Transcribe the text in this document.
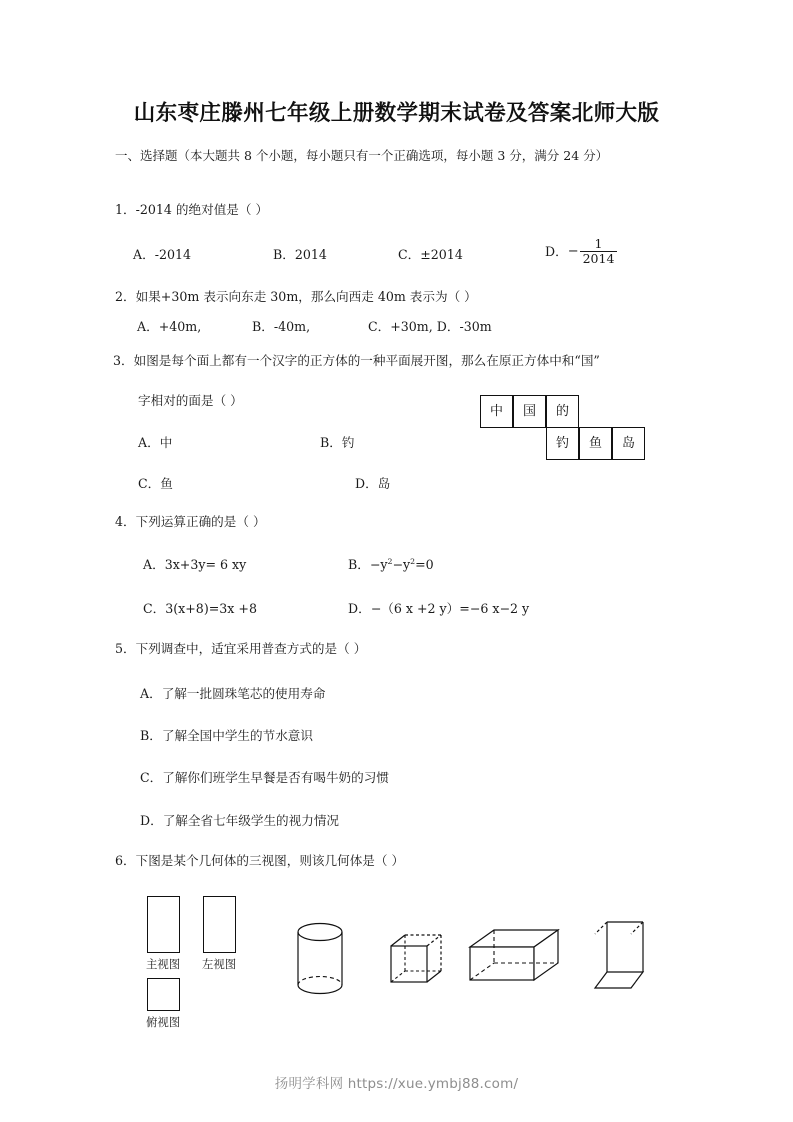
山东枣庄滕州七年级上册数学期末试卷及答案北师大版
一、选择题（本大题共 8 个小题，每小题只有一个正确选项，每小题 3 分，满分 24 分）
1．-2014 的绝对值是（ ）
A．-2014	B．2014	C．±2014	D．− $\frac{1}{2014}$
2．如果+30m 表示向东走 30m，那么向西走 40m 表示为（ ）
A．+40m,	B．-40m,	C．+30m, D．-30m
3．如图是每个面上都有一个汉字的正方体的一种平面展开图，那么在原正方体中和“国”
字相对的面是（ ）
A．中	B．钓
C．鱼	D．岛
中	国	的
钓	鱼	岛
4．下列运算正确的是（ ）
A．3x+3y= 6 xy	B．$-y^2-y^2=0$
C．3(x+8)=3x +8	D．−（6 x +2 y）=−6 x−2 y
5．下列调查中，适宜采用普查方式的是（ ）
A．了解一批圆珠笔芯的使用寿命
B．了解全国中学生的节水意识
C．了解你们班学生早餐是否有喝牛奶的习惯
D．了解全省七年级学生的视力情况
6．下图是某个几何体的三视图，则该几何体是（ ）
主视图 左视图
俯视图
扬明学科网 https://xue.ymbj88.com/
